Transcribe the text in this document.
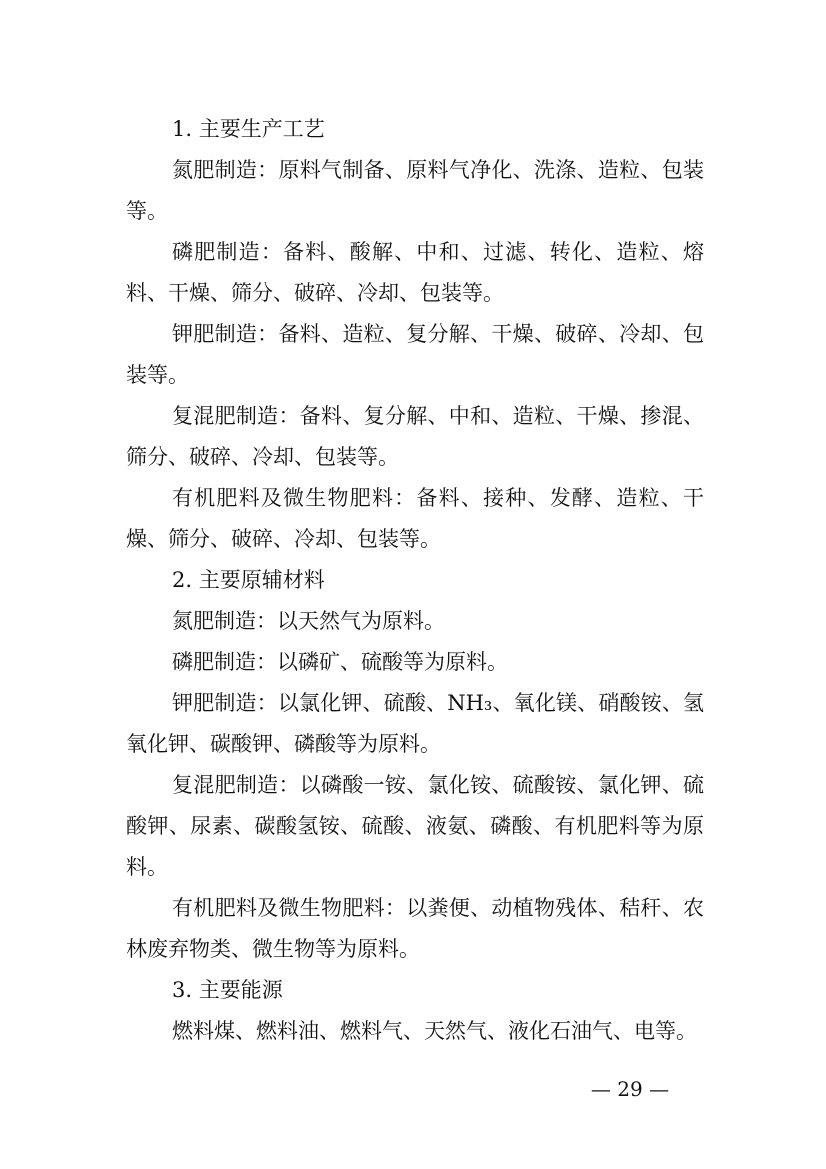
1. 主要生产工艺

氮肥制造：原料气制备、原料气净化、洗涤、造粒、包装等。

磷肥制造：备料、酸解、中和、过滤、转化、造粒、熔料、干燥、筛分、破碎、冷却、包装等。

钾肥制造：备料、造粒、复分解、干燥、破碎、冷却、包装等。

复混肥制造：备料、复分解、中和、造粒、干燥、掺混、筛分、破碎、冷却、包装等。

有机肥料及微生物肥料：备料、接种、发酵、造粒、干燥、筛分、破碎、冷却、包装等。

2. 主要原辅材料

氮肥制造：以天然气为原料。

磷肥制造：以磷矿、硫酸等为原料。

钾肥制造：以氯化钾、硫酸、NH₃、氧化镁、硝酸铵、氢氧化钾、碳酸钾、磷酸等为原料。

复混肥制造：以磷酸一铵、氯化铵、硫酸铵、氯化钾、硫酸钾、尿素、碳酸氢铵、硫酸、液氨、磷酸、有机肥料等为原料。

有机肥料及微生物肥料：以粪便、动植物残体、秸秆、农林废弃物类、微生物等为原料。

3. 主要能源

燃料煤、燃料油、燃料气、天然气、液化石油气、电等。

— 29 —
